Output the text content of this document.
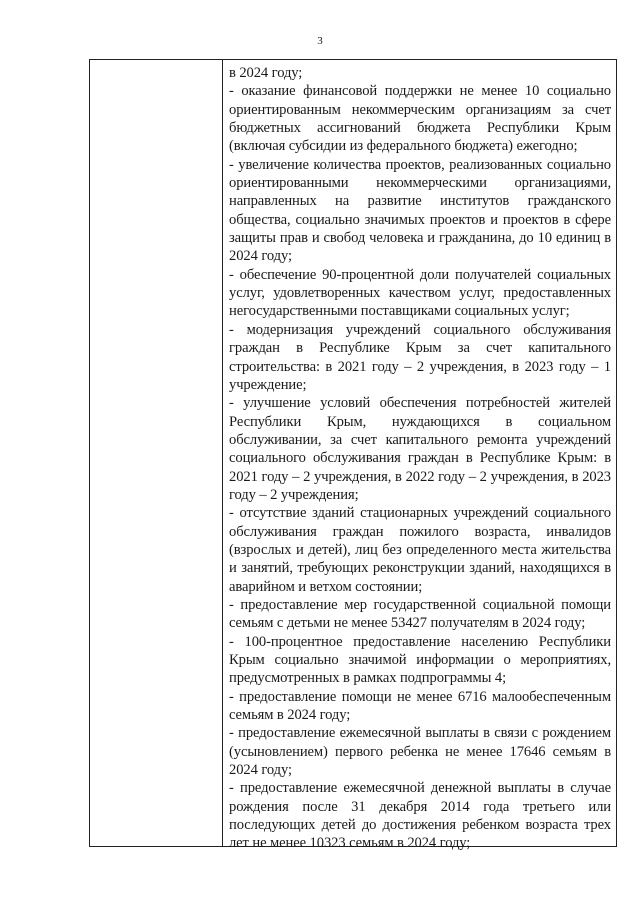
3

в 2024 году;

- оказание финансовой поддержки не менее 10 социально ориентированным некоммерческим организациям за счет бюджетных ассигнований бюджета Республики Крым (включая субсидии из федерального бюджета) ежегодно;

- увеличение количества проектов, реализованных социально ориентированными некоммерческими организациями, направленных на развитие институтов гражданского общества, социально значимых проектов и проектов в сфере защиты прав и свобод человека и гражданина, до 10 единиц в 2024 году;

- обеспечение 90-процентной доли получателей социальных услуг, удовлетворенных качеством услуг, предоставленных негосударственными поставщиками социальных услуг;

- модернизация учреждений социального обслуживания граждан в Республике Крым за счет капитального строительства: в 2021 году – 2 учреждения, в 2023 году – 1 учреждение;

- улучшение условий обеспечения потребностей жителей Республики Крым, нуждающихся в социальном обслуживании, за счет капитального ремонта учреждений социального обслуживания граждан в Республике Крым: в 2021 году – 2 учреждения, в 2022 году – 2 учреждения, в 2023 году – 2 учреждения;

- отсутствие зданий стационарных учреждений социального обслуживания граждан пожилого возраста, инвалидов (взрослых и детей), лиц без определенного места жительства и занятий, требующих реконструкции зданий, находящихся в аварийном и ветхом состоянии;

- предоставление мер государственной социальной помощи семьям с детьми не менее 53427 получателям в 2024 году;

- 100-процентное предоставление населению Республики Крым социально значимой информации о мероприятиях, предусмотренных в рамках подпрограммы 4;

- предоставление помощи не менее 6716 малообеспеченным семьям в 2024 году;

- предоставление ежемесячной выплаты в связи с рождением (усыновлением) первого ребенка не менее 17646 семьям в 2024 году;

- предоставление ежемесячной денежной выплаты в случае рождения после 31 декабря 2014 года третьего или последующих детей до достижения ребенком возраста трех лет не менее 10323 семьям в 2024 году;
